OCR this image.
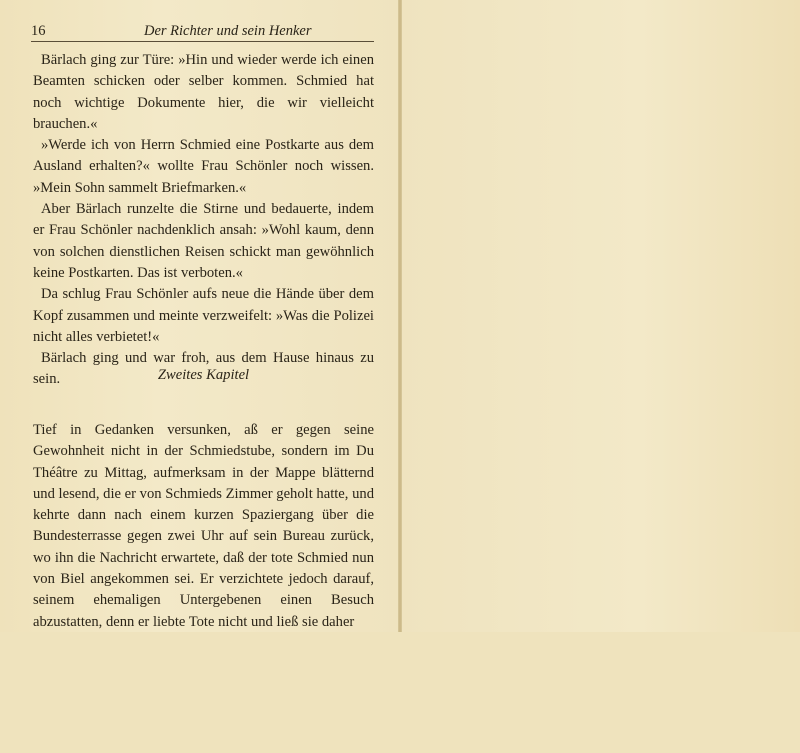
16	Der Richter und sein Henker

Bärlach ging zur Türe: »Hin und wieder werde ich einen Beamten schicken oder selber kommen. Schmied hat noch wichtige Dokumente hier, die wir vielleicht brauchen.«

»Werde ich von Herrn Schmied eine Postkarte aus dem Ausland erhalten?« wollte Frau Schönler noch wissen. »Mein Sohn sammelt Briefmarken.«

Aber Bärlach runzelte die Stirne und bedauerte, indem er Frau Schönler nachdenklich ansah: »Wohl kaum, denn von solchen dienstlichen Reisen schickt man gewöhnlich keine Postkarten. Das ist verboten.«

Da schlug Frau Schönler aufs neue die Hände über dem Kopf zusammen und meinte verzweifelt: »Was die Polizei nicht alles verbietet!«

Bärlach ging und war froh, aus dem Hause hinaus zu sein.	Zweites Kapitel

Tief in Gedanken versunken, aß er gegen seine Gewohnheit nicht in der Schmiedstube, sondern im Du Théâtre zu Mittag, aufmerksam in der Mappe blätternd und lesend, die er von Schmieds Zimmer geholt hatte, und kehrte dann nach einem kurzen Spaziergang über die Bundesterrasse gegen zwei Uhr auf sein Bureau zurück, wo ihn die Nachricht erwartete, daß der tote Schmied nun von Biel angekommen sei. Er verzichtete jedoch darauf, seinem ehemaligen Untergebenen einen Besuch abzustatten, denn er liebte Tote nicht und ließ sie daher
